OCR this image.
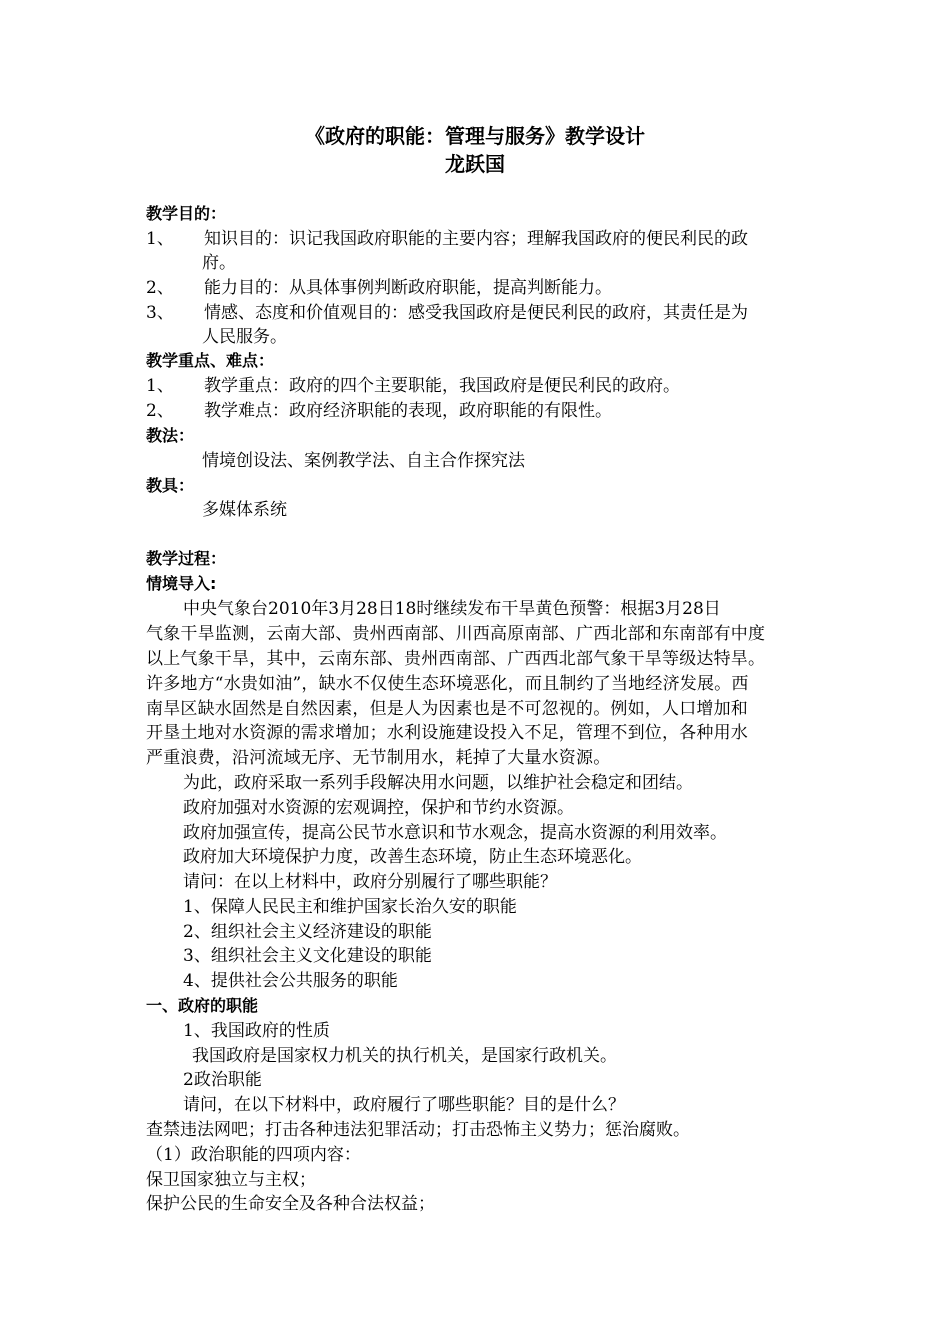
《政府的职能：管理与服务》教学设计
龙跃国
教学目的：
1、 知识目的：识记我国政府职能的主要内容；理解我国政府的便民利民的政
府。
2、 能力目的：从具体事例判断政府职能，提高判断能力。
3、 情感、态度和价值观目的：感受我国政府是便民利民的政府，其责任是为
人民服务。
教学重点、难点：
1、 教学重点：政府的四个主要职能，我国政府是便民利民的政府。
2、 教学难点：政府经济职能的表现，政府职能的有限性。
教法：
情境创设法、案例教学法、自主合作探究法
教具：
多媒体系统
教学过程：
情境导入:
中央气象台2010年3月28日18时继续发布干旱黄色预警：根据3月28日
气象干旱监测，云南大部、贵州西南部、川西高原南部、广西北部和东南部有中度
以上气象干旱，其中，云南东部、贵州西南部、广西西北部气象干旱等级达特旱。
许多地方“水贵如油”，缺水不仅使生态环境恶化，而且制约了当地经济发展。西
南旱区缺水固然是自然因素，但是人为因素也是不可忽视的。例如，人口增加和
开垦土地对水资源的需求增加；水利设施建设投入不足，管理不到位，各种用水
严重浪费，沿河流域无序、无节制用水，耗掉了大量水资源。
为此，政府采取一系列手段解决用水问题，以维护社会稳定和团结。
政府加强对水资源的宏观调控，保护和节约水资源。
政府加强宣传，提高公民节水意识和节水观念，提高水资源的利用效率。
政府加大环境保护力度，改善生态环境，防止生态环境恶化。
请问：在以上材料中，政府分别履行了哪些职能？
1、保障人民民主和维护国家长治久安的职能
2、组织社会主义经济建设的职能
3、组织社会主义文化建设的职能
4、提供社会公共服务的职能
一、政府的职能
1、我国政府的性质
我国政府是国家权力机关的执行机关，是国家行政机关。
2政治职能
请问，在以下材料中，政府履行了哪些职能？目的是什么？
查禁违法网吧；打击各种违法犯罪活动；打击恐怖主义势力；惩治腐败。
（1）政治职能的四项内容：
保卫国家独立与主权；
保护公民的生命安全及各种合法权益；
